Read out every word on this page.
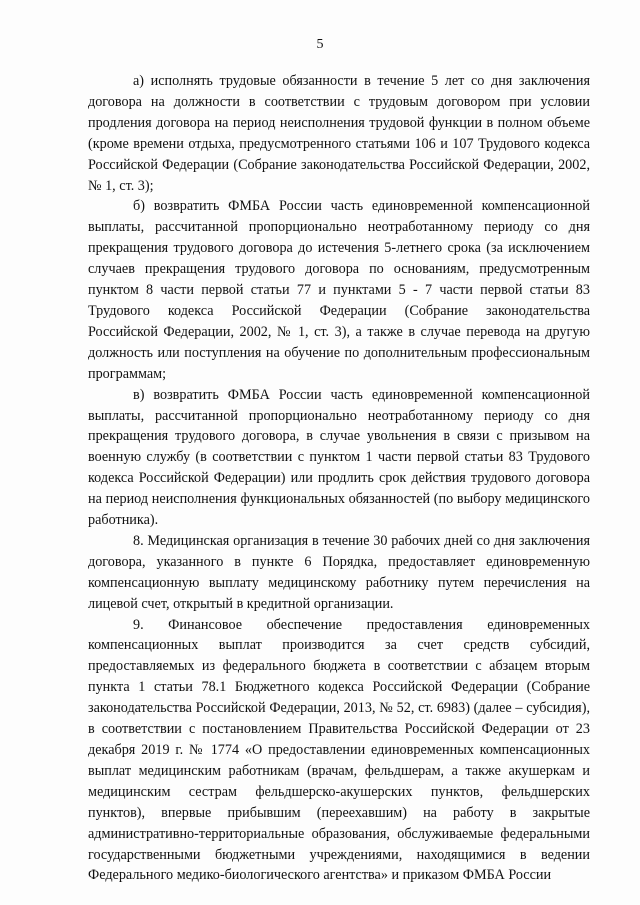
5

а) исполнять трудовые обязанности в течение 5 лет со дня заключения договора на должности в соответствии с трудовым договором при условии продления договора на период неисполнения трудовой функции в полном объеме (кроме времени отдыха, предусмотренного статьями 106 и 107 Трудового кодекса Российской Федерации (Собрание законодательства Российской Федерации, 2002, № 1, ст. 3);

б) возвратить ФМБА России часть единовременной компенсационной выплаты, рассчитанной пропорционально неотработанному периоду со дня прекращения трудового договора до истечения 5-летнего срока (за исключением случаев прекращения трудового договора по основаниям, предусмотренным пунктом 8 части первой статьи 77 и пунктами 5 - 7 части первой статьи 83 Трудового кодекса Российской Федерации (Собрание законодательства Российской Федерации, 2002, № 1, ст. 3), а также в случае перевода на другую должность или поступления на обучение по дополнительным профессиональным программам;

в) возвратить ФМБА России часть единовременной компенсационной выплаты, рассчитанной пропорционально неотработанному периоду со дня прекращения трудового договора, в случае увольнения в связи с призывом на военную службу (в соответствии с пунктом 1 части первой статьи 83 Трудового кодекса Российской Федерации) или продлить срок действия трудового договора на период неисполнения функциональных обязанностей (по выбору медицинского работника).

8. Медицинская организация в течение 30 рабочих дней со дня заключения договора, указанного в пункте 6 Порядка, предоставляет единовременную компенсационную выплату медицинскому работнику путем перечисления на лицевой счет, открытый в кредитной организации.

9. Финансовое обеспечение предоставления единовременных компенсационных выплат производится за счет средств субсидий, предоставляемых из федерального бюджета в соответствии с абзацем вторым пункта 1 статьи 78.1 Бюджетного кодекса Российской Федерации (Собрание законодательства Российской Федерации, 2013, № 52, ст. 6983) (далее – субсидия), в соответствии с постановлением Правительства Российской Федерации от 23 декабря 2019 г. № 1774 «О предоставлении единовременных компенсационных выплат медицинским работникам (врачам, фельдшерам, а также акушеркам и медицинским сестрам фельдшерско-акушерских пунктов, фельдшерских пунктов), впервые прибывшим (переехавшим) на работу в закрытые административно-территориальные образования, обслуживаемые федеральными государственными бюджетными учреждениями, находящимися в ведении Федерального медико-биологического агентства» и приказом ФМБА России
